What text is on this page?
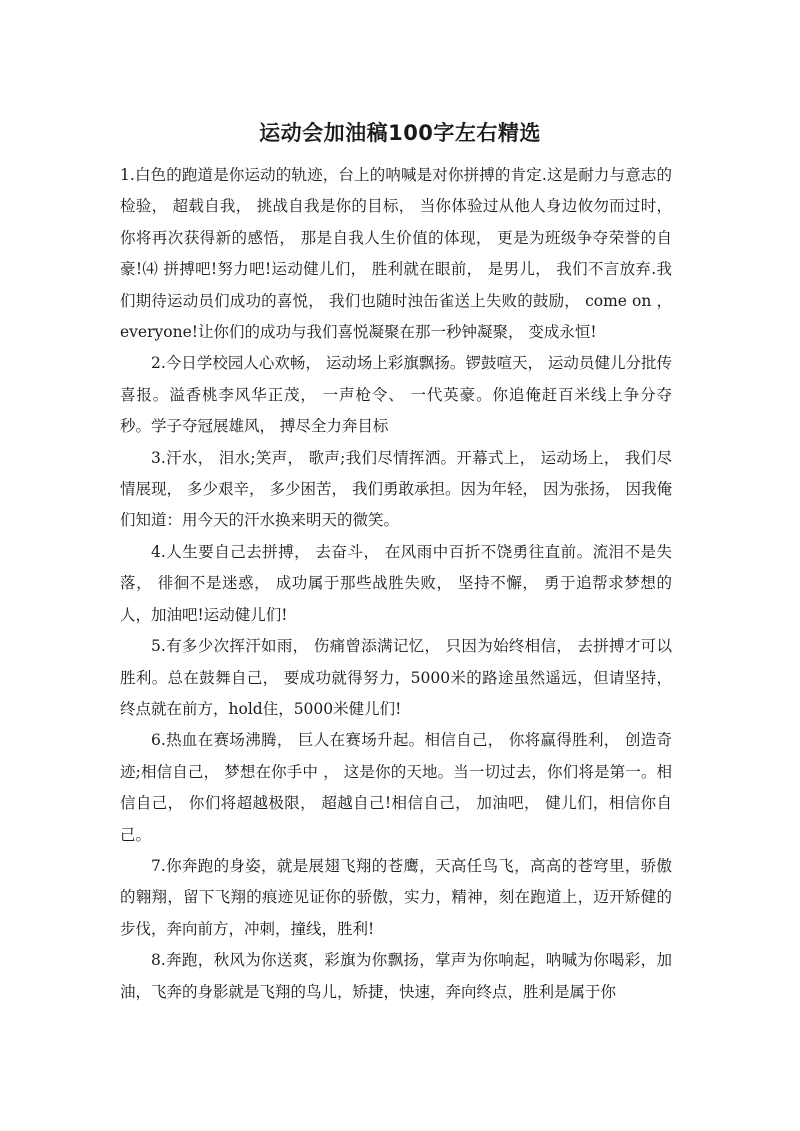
运动会加油稿100字左右精选

1.白色的跑道是你运动的轨迹，台上的呐喊是对你拼搏的肯定.这是耐力与意志的检验， 超载自我， 挑战自我是你的目标， 当你体验过从他人身边攸勿而过时， 你将再次获得新的感悟， 那是自我人生价值的体现， 更是为班级争夺荣誉的自豪!⑷ 拼搏吧!努力吧!运动健儿们， 胜利就在眼前， 是男儿， 我们不言放弃.我们期待运动员们成功的喜悦， 我们也随时浊缶雀送上失败的鼓励， come on ， everyone!让你们的成功与我们喜悦凝聚在那一秒钟凝聚， 变成永恒!

2.今日学校园人心欢畅， 运动场上彩旗飘扬。锣鼓喧天， 运动员健儿分批传喜报。溢香桃李风华正茂， 一声枪令、 一代英豪。你追俺赶百米线上争分夺秒。学子夺冠展雄风， 搏尽全力奔目标

3.汗水， 泪水;笑声， 歌声;我们尽情挥洒。开幕式上， 运动场上， 我们尽情展现， 多少艰辛， 多少困苦， 我们勇敢承担。因为年轻， 因为张扬， 因我俺们知道：用今天的汗水换来明天的微笑。

4.人生要自己去拼搏， 去奋斗， 在风雨中百折不饶勇往直前。流泪不是失落， 徘徊不是迷惑， 成功属于那些战胜失败， 坚持不懈， 勇于追帮求梦想的人，加油吧!运动健儿们!

5.有多少次挥汗如雨， 伤痛曾添满记忆， 只因为始终相信， 去拼搏才可以胜利。总在鼓舞自己， 要成功就得努力，5000米的路途虽然遥远，但请坚持，终点就在前方，hold住，5000米健儿们!

6.热血在赛场沸腾， 巨人在赛场升起。相信自己， 你将赢得胜利， 创造奇迹;相信自己， 梦想在你手中 ， 这是你的天地。当一切过去，你们将是第一。相信自己， 你们将超越极限， 超越自己!相信自己， 加油吧， 健儿们，相信你自己。

7.你奔跑的身姿，就是展翅飞翔的苍鹰，天高任鸟飞，高高的苍穹里，骄傲的翱翔，留下飞翔的痕迹见证你的骄傲，实力，精神，刻在跑道上，迈开矫健的步伐，奔向前方，冲刺，撞线，胜利!

8.奔跑，秋风为你送爽，彩旗为你飘扬，掌声为你响起，呐喊为你喝彩，加油，飞奔的身影就是飞翔的鸟儿，矫捷，快速，奔向终点，胜利是属于你
